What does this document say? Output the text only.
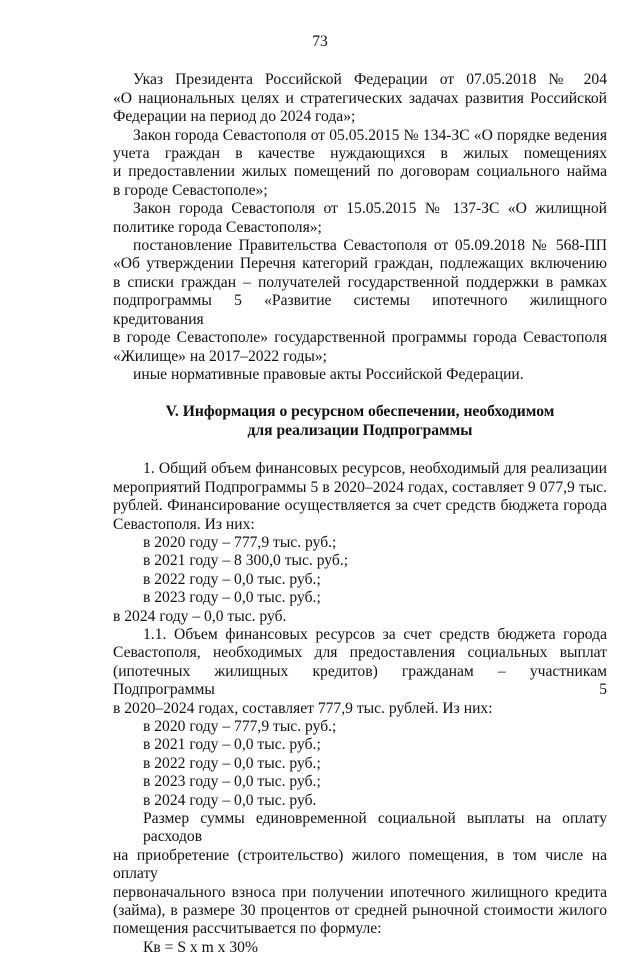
73

Указ Президента Российской Федерации от 07.05.2018 № 204
«О национальных целях и стратегических задачах развития Российской
Федерации на период до 2024 года»;

Закон города Севастополя от 05.05.2015 № 134-ЗС «О порядке ведения
учета граждан в качестве нуждающихся в жилых помещениях
и предоставлении жилых помещений по договорам социального найма
в городе Севастополе»;

Закон города Севастополя от 15.05.2015 № 137-ЗС «О жилищной
политике города Севастополя»;

постановление Правительства Севастополя от 05.09.2018 № 568-ПП
«Об утверждении Перечня категорий граждан, подлежащих включению
в списки граждан – получателей государственной поддержки в рамках
подпрограммы 5 «Развитие системы ипотечного жилищного кредитования
в городе Севастополе» государственной программы города Севастополя
«Жилище» на 2017–2022 годы»;

иные нормативные правовые акты Российской Федерации.

V. Информация о ресурсном обеспечении, необходимом
для реализации Подпрограммы

1. Общий объем финансовых ресурсов, необходимый для реализации
мероприятий Подпрограммы 5 в 2020–2024 годах, составляет 9 077,9 тыс.
рублей. Финансирование осуществляется за счет средств бюджета города
Севастополя. Из них:

в 2020 году – 777,9 тыс. руб.;
в 2021 году – 8 300,0 тыс. руб.;
в 2022 году – 0,0 тыс. руб.;
в 2023 году – 0,0 тыс. руб.;
в 2024 году – 0,0 тыс. руб.

1.1. Объем финансовых ресурсов за счет средств бюджета города
Севастополя, необходимых для предоставления социальных выплат
(ипотечных жилищных кредитов) гражданам – участникам Подпрограммы 5
в 2020–2024 годах, составляет 777,9 тыс. рублей. Из них:

в 2020 году – 777,9 тыс. руб.;
в 2021 году – 0,0 тыс. руб.;
в 2022 году – 0,0 тыс. руб.;
в 2023 году – 0,0 тыс. руб.;
в 2024 году – 0,0 тыс. руб.

Размер суммы единовременной социальной выплаты на оплату расходов
на приобретение (строительство) жилого помещения, в том числе на оплату
первоначального взноса при получении ипотечного жилищного кредита
(займа), в размере 30 процентов от средней рыночной стоимости жилого
помещения рассчитывается по формуле:

Кв = S х m х 30%
